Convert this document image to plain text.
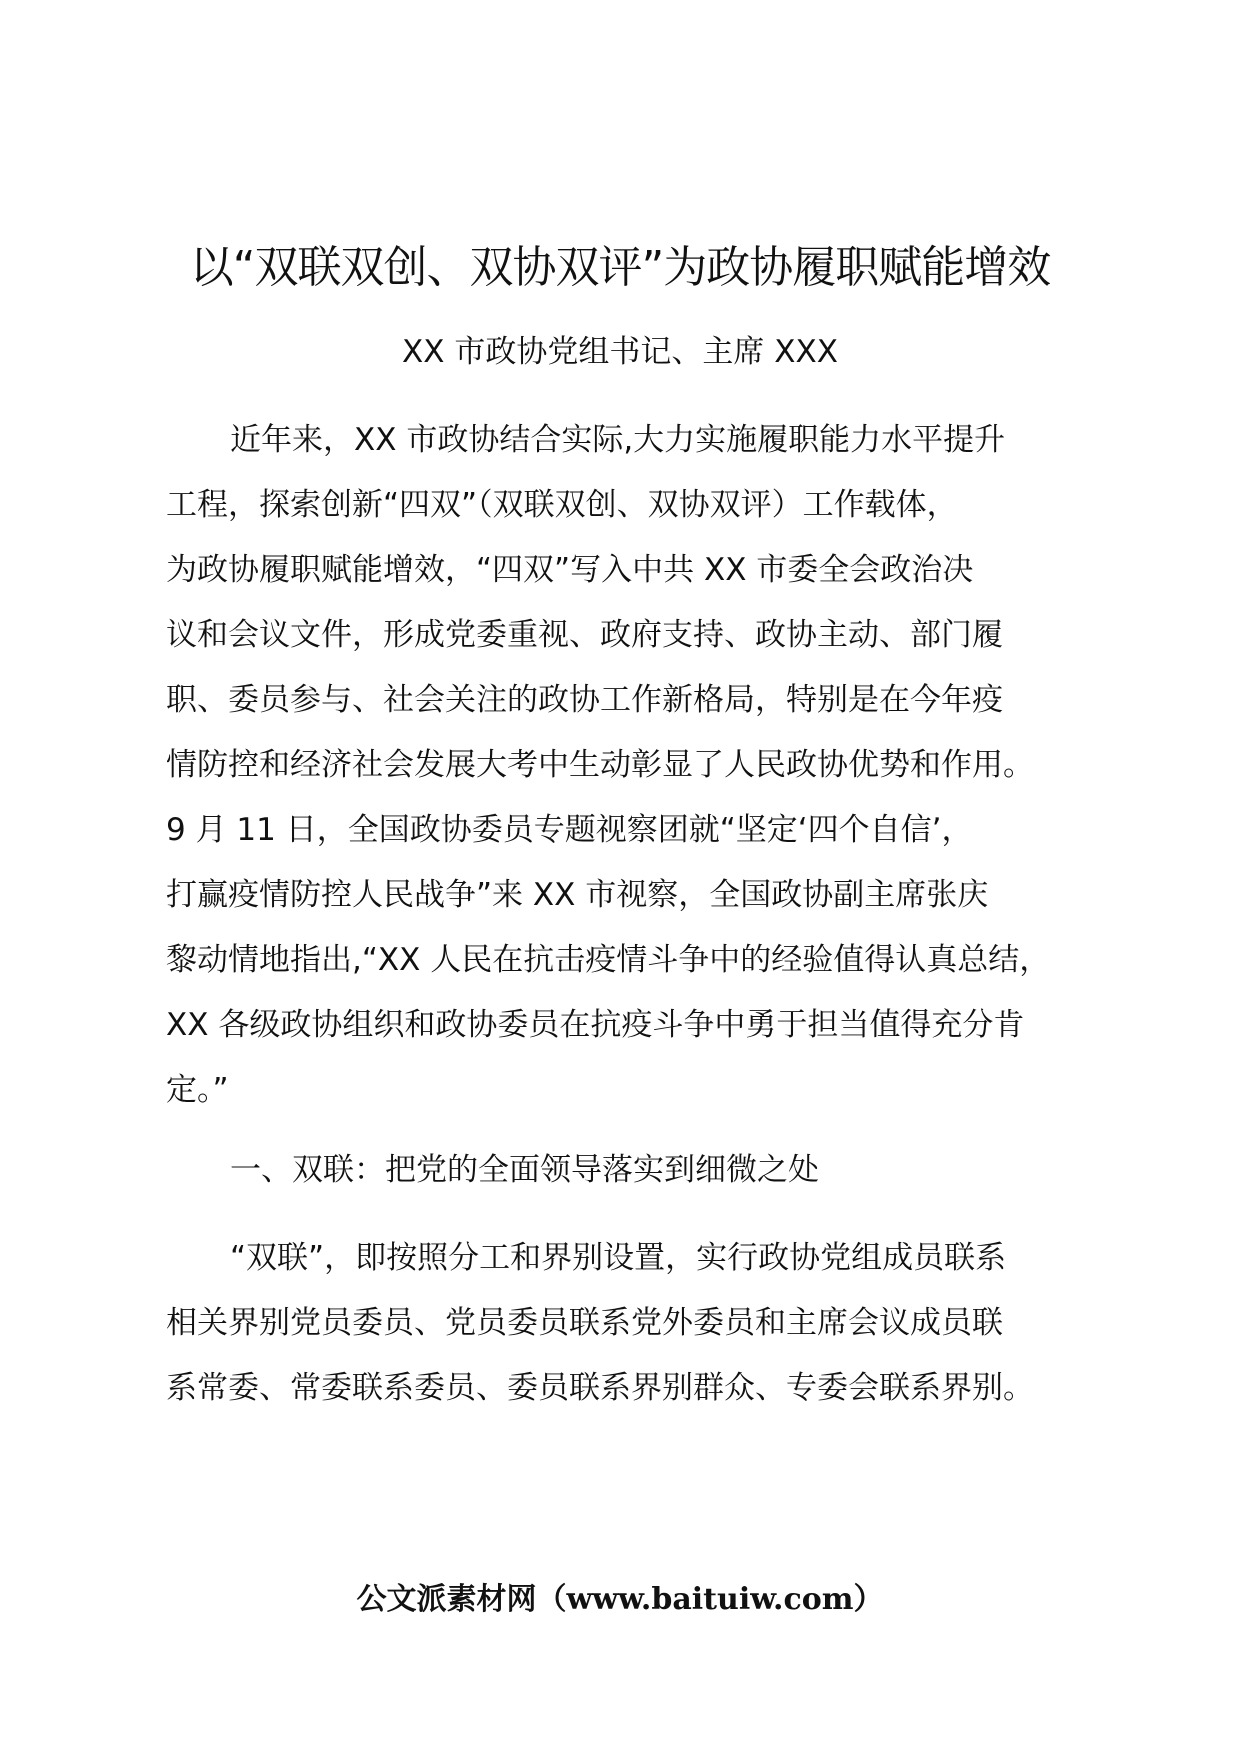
以“双联双创、双协双评”为政协履职赋能增效
XX 市政协党组书记、主席 XXX
近年来，XX 市政协结合实际,大力实施履职能力水平提升
工程，探索创新“四双”（双联双创、双协双评）工作载体，
为政协履职赋能增效，“四双”写入中共 XX 市委全会政治决
议和会议文件，形成党委重视、政府支持、政协主动、部门履
职、委员参与、社会关注的政协工作新格局，特别是在今年疫
情防控和经济社会发展大考中生动彰显了人民政协优势和作用。
9 月 11 日，全国政协委员专题视察团就“坚定‘四个自信’，
打赢疫情防控人民战争”来 XX 市视察，全国政协副主席张庆
黎动情地指出,“XX 人民在抗击疫情斗争中的经验值得认真总结，
XX 各级政协组织和政协委员在抗疫斗争中勇于担当值得充分肯
定。”
一、双联：把党的全面领导落实到细微之处
“双联”，即按照分工和界别设置，实行政协党组成员联系
相关界别党员委员、党员委员联系党外委员和主席会议成员联
系常委、常委联系委员、委员联系界别群众、专委会联系界别。
公文派素材网（www.baituiw.com）
